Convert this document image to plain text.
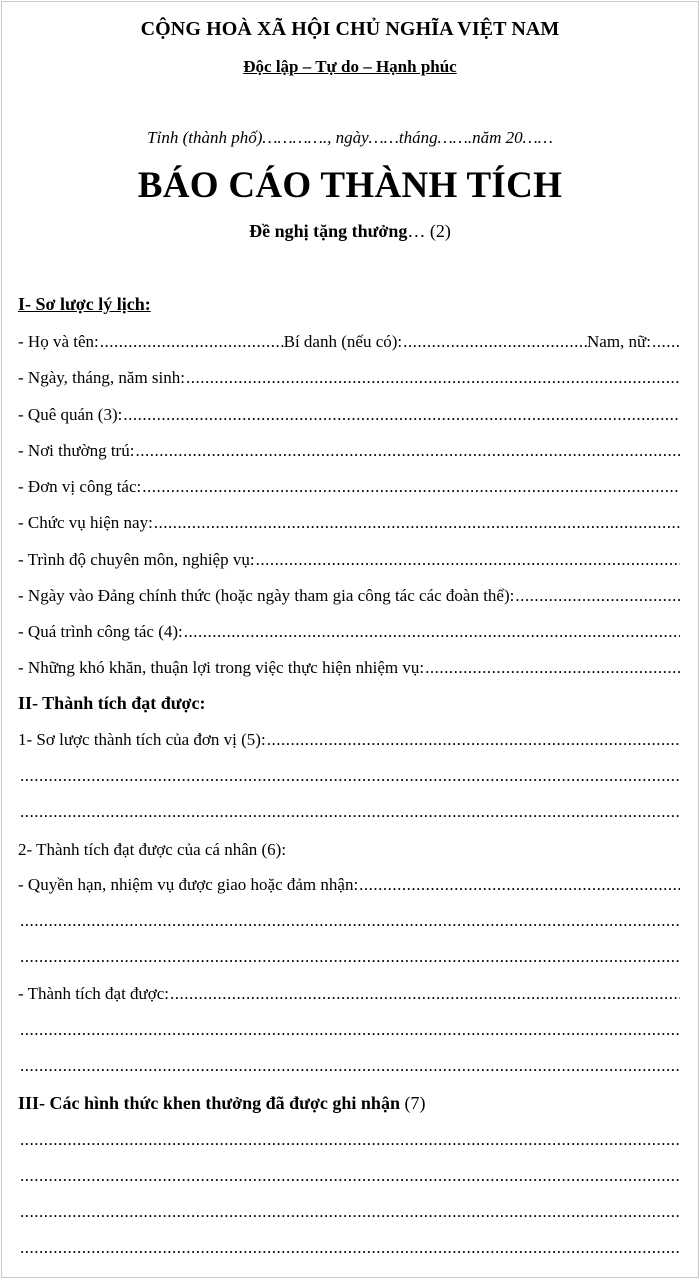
CỘNG HOÀ XÃ HỘI CHỦ NGHĨA VIỆT NAM
Độc lập – Tự do – Hạnh phúc
Tỉnh (thành phố)…………., ngày……tháng…….năm 20……
BÁO CÁO THÀNH TÍCH
Đề nghị tặng thưởng… (2)
I- Sơ lược lý lịch:
- Họ và tên: .....	Bí danh (nếu có): .....	Nam, nữ:
.....
- Ngày, tháng, năm sinh:
.....
- Quê quán (3):
.....
- Nơi thường trú:
.....
- Đơn vị công tác:
.....
- Chức vụ hiện nay:
.....
- Trình độ chuyên môn, nghiệp vụ:
.....
- Ngày vào Đảng chính thức (hoặc ngày tham gia công tác các đoàn thể):
.....
- Quá trình công tác (4):
.....
- Những khó khăn, thuận lợi trong việc thực hiện nhiệm vụ:
.....
II- Thành tích đạt được:
1- Sơ lược thành tích của đơn vị (5):
.....
.....
.....
2- Thành tích đạt được của cá nhân (6):
- Quyền hạn, nhiệm vụ được giao hoặc đảm nhận:
.....
.....
.....
- Thành tích đạt được:
.....
.....
.....
III- Các hình thức khen thưởng đã được ghi nhận (7)
.....
.....
.....
.....
